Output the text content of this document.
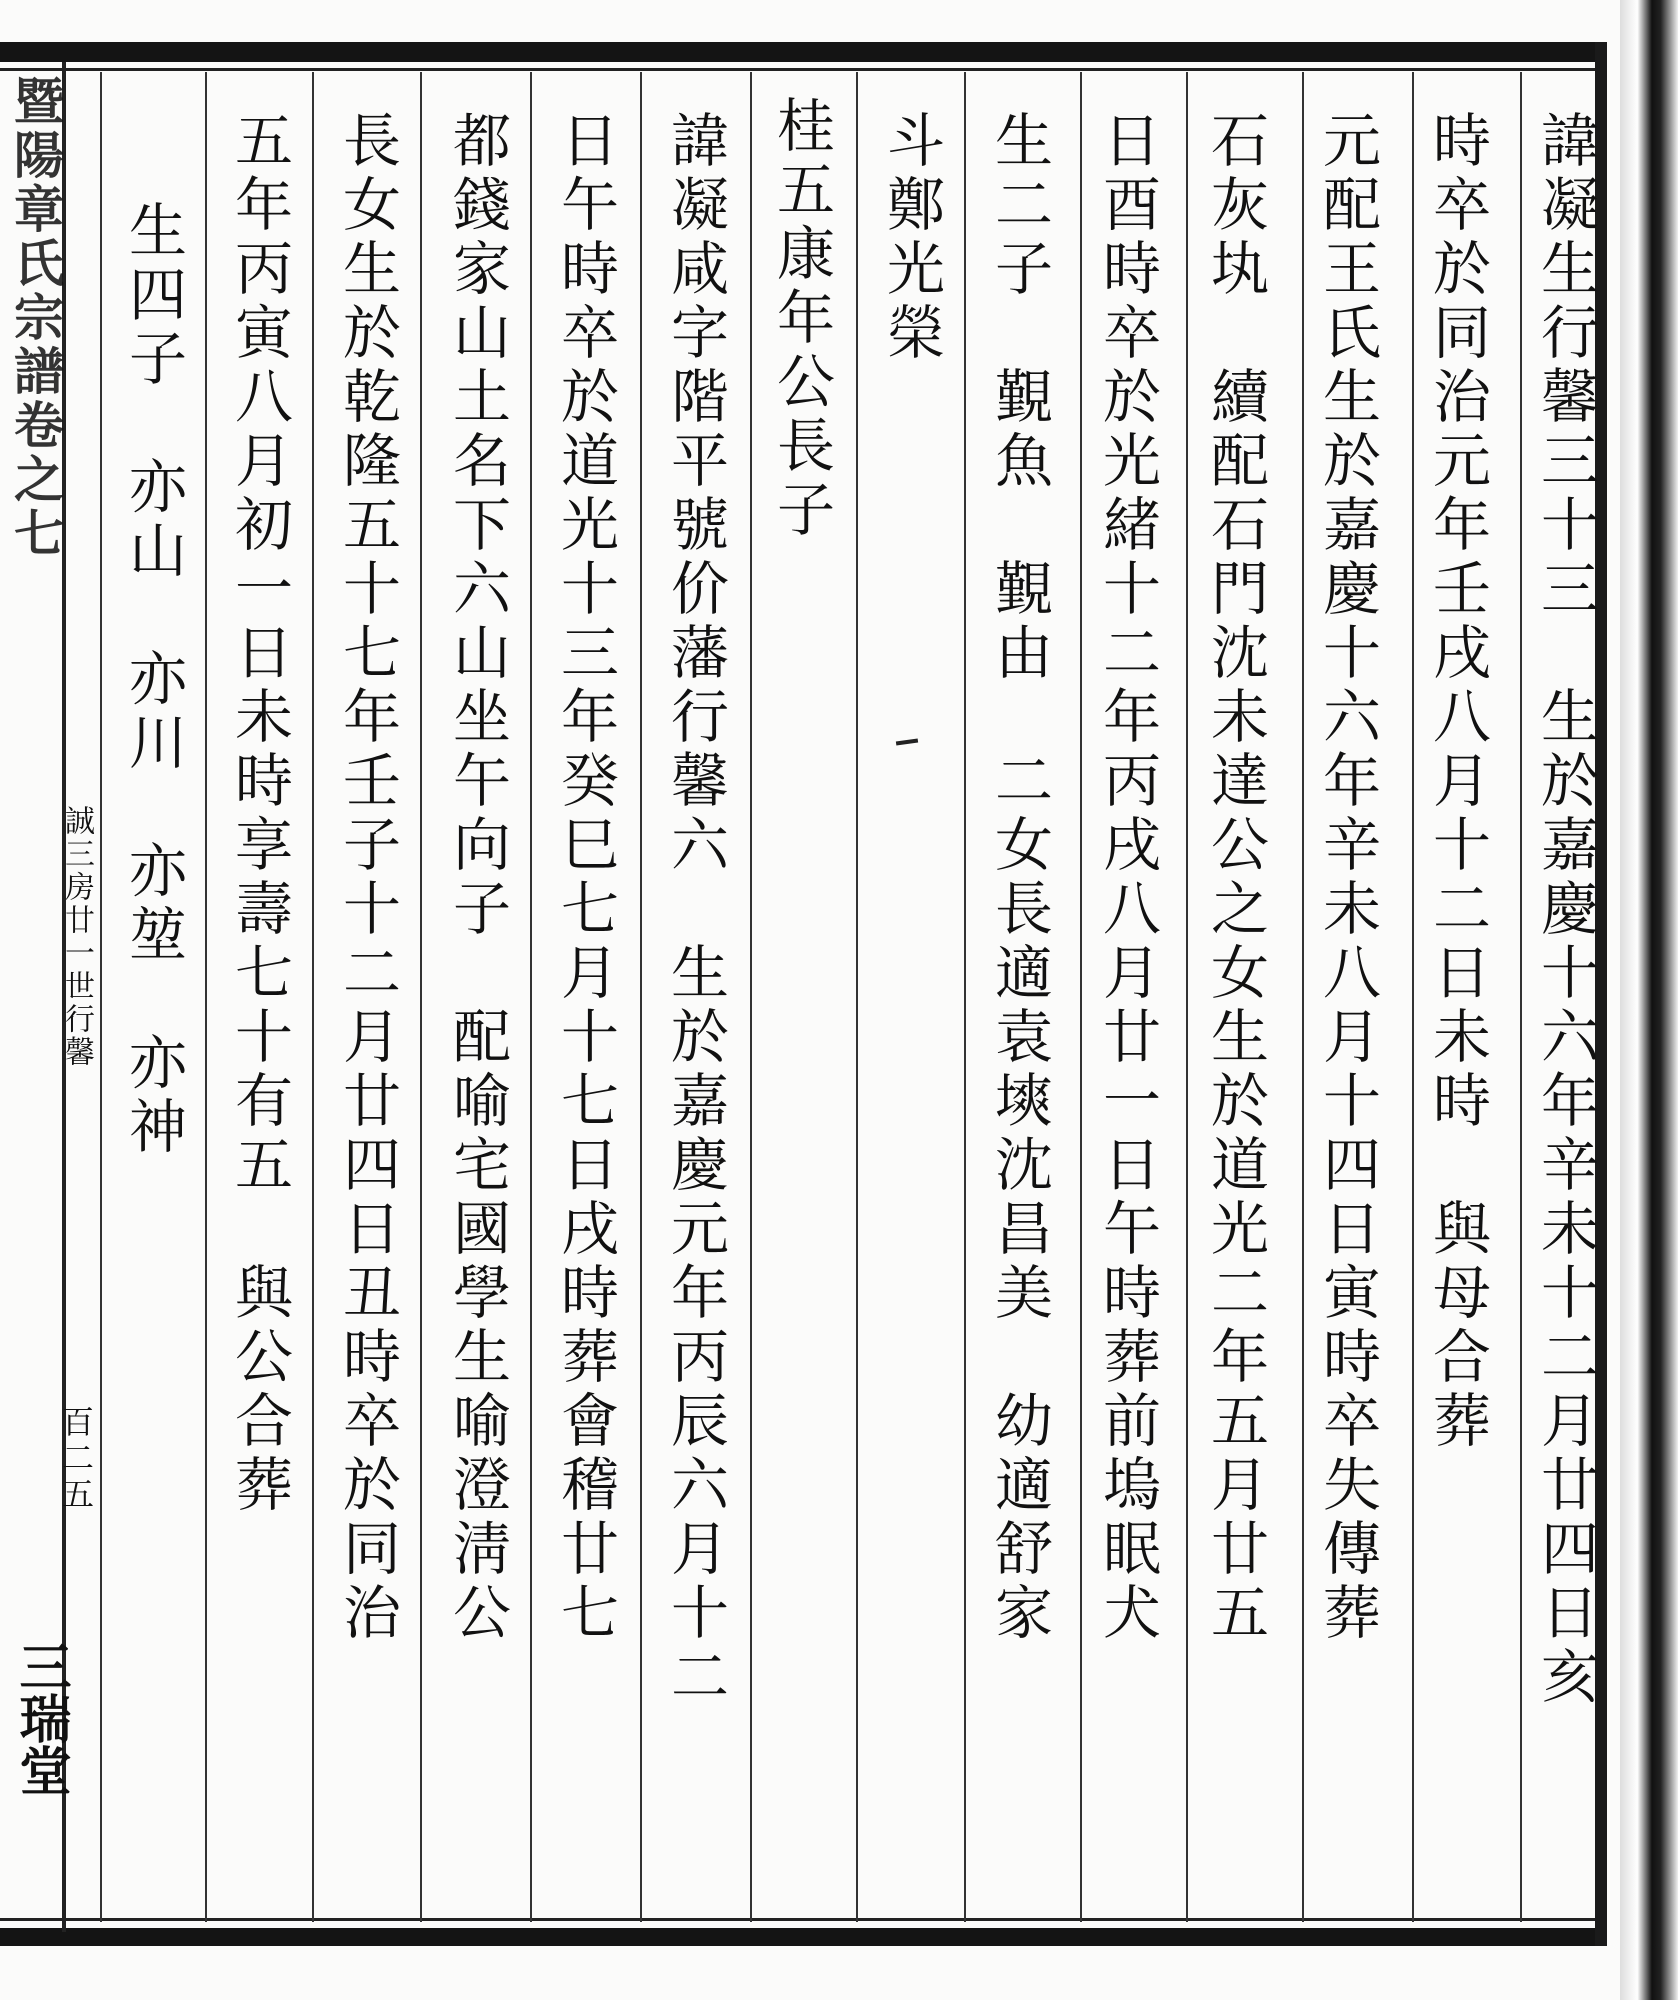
暨陽章氏宗譜卷之七
誠三房廿一世行馨
百二五
三瑞堂
諱凝生行馨三十三　生於嘉慶十六年辛未十二月廿四日亥
時卒於同治元年壬戌八月十二日未時　與母合葬
元配王氏生於嘉慶十六年辛未八月十四日寅時卒失傳葬
石灰𡉕　續配石門沈未達公之女生於道光二年五月廿五
日酉時卒於光緒十二年丙戌八月廿一日午時葬前塢眠犬
生二子　覲魚　覲由　二女長適袁塽沈昌美　幼適舒家
斗鄭光榮
桂五康年公長子
諱凝咸字階平號价藩行馨六　生於嘉慶元年丙辰六月十二
日午時卒於道光十三年癸巳七月十七日戌時葬會稽廿七
都錢家山土名下六山坐午向子　配喻宅國學生喻澄淸公
長女生於乾隆五十七年壬子十二月廿四日丑時卒於同治
五年丙寅八月初一日未時享壽七十有五　與公合葬
生四子　亦山　亦川　亦堃　亦神
